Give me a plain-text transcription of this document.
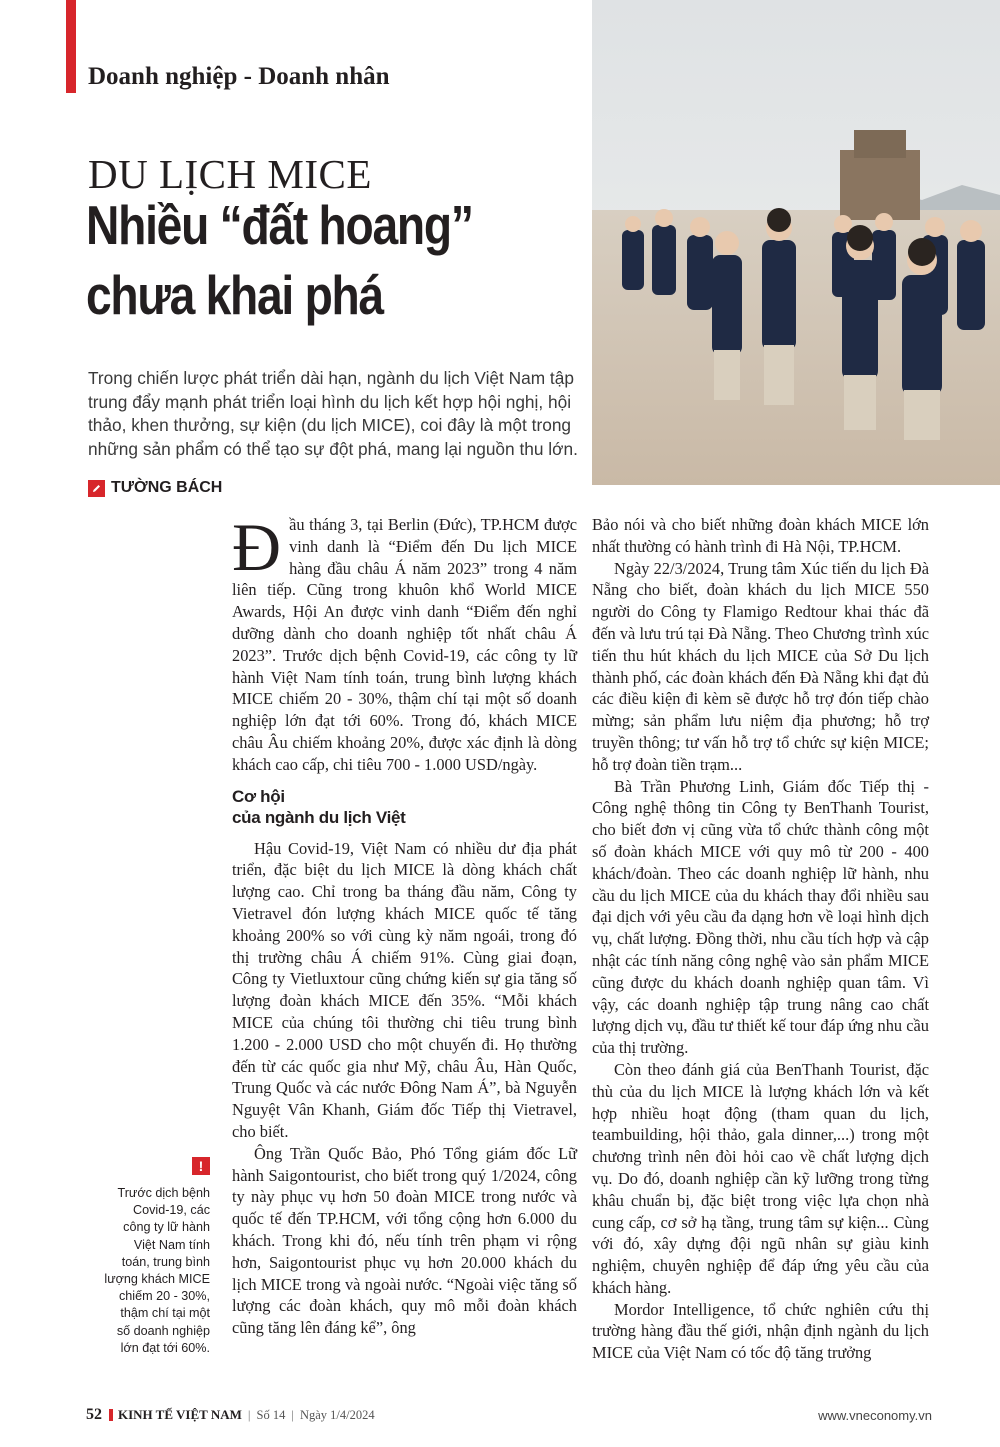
Doanh nghiệp - Doanh nhân
DU LỊCH MICE
Nhiều “đất hoang”
chưa khai phá
Trong chiến lược phát triển dài hạn, ngành du lịch Việt Nam tập trung đẩy mạnh phát triển loại hình du lịch kết hợp hội nghị, hội thảo, khen thưởng, sự kiện (du lịch MICE), coi đây là một trong những sản phẩm có thể tạo sự đột phá, mang lại nguồn thu lớn.
TƯỜNG BÁCH

Đầu tháng 3, tại Berlin (Đức), TP.HCM được vinh danh là “Điểm đến Du lịch MICE hàng đầu châu Á năm 2023” trong 4 năm liên tiếp. Cũng trong khuôn khổ World MICE Awards, Hội An được vinh danh “Điểm đến nghỉ dưỡng dành cho doanh nghiệp tốt nhất châu Á 2023”. Trước dịch bệnh Covid-19, các công ty lữ hành Việt Nam tính toán, trung bình lượng khách MICE chiếm 20 - 30%, thậm chí tại một số doanh nghiệp lớn đạt tới 60%. Trong đó, khách MICE châu Âu chiếm khoảng 20%, được xác định là dòng khách cao cấp, chi tiêu 700 - 1.000 USD/ngày.

Cơ hội
của ngành du lịch Việt

Hậu Covid-19, Việt Nam có nhiều dư địa phát triển, đặc biệt du lịch MICE là dòng khách chất lượng cao. Chỉ trong ba tháng đầu năm, Công ty Vietravel đón lượng khách MICE quốc tế tăng khoảng 200% so với cùng kỳ năm ngoái, trong đó thị trường châu Á chiếm 91%. Cùng giai đoạn, Công ty Vietluxtour cũng chứng kiến sự gia tăng số lượng đoàn khách MICE đến 35%. “Mỗi khách MICE của chúng tôi thường chi tiêu trung bình 1.200 - 2.000 USD cho một chuyến đi. Họ thường đến từ các quốc gia như Mỹ, châu Âu, Hàn Quốc, Trung Quốc và các nước Đông Nam Á”, bà Nguyễn Nguyệt Vân Khanh, Giám đốc Tiếp thị Vietravel, cho biết.

Ông Trần Quốc Bảo, Phó Tổng giám đốc Lữ hành Saigontourist, cho biết trong quý 1/2024, công ty này phục vụ hơn 50 đoàn MICE trong nước và quốc tế đến TP.HCM, với tổng cộng hơn 6.000 du khách. Trong khi đó, nếu tính trên phạm vi rộng hơn, Saigontourist phục vụ hơn 20.000 khách du lịch MICE trong và ngoài nước. “Ngoài việc tăng số lượng các đoàn khách, quy mô mỗi đoàn khách cũng tăng lên đáng kể”, ông

Bảo nói và cho biết những đoàn khách MICE lớn nhất thường có hành trình đi Hà Nội, TP.HCM.

Ngày 22/3/2024, Trung tâm Xúc tiến du lịch Đà Nẵng cho biết, đoàn khách du lịch MICE 550 người do Công ty Flamigo Redtour khai thác đã đến và lưu trú tại Đà Nẵng. Theo Chương trình xúc tiến thu hút khách du lịch MICE của Sở Du lịch thành phố, các đoàn khách đến Đà Nẵng khi đạt đủ các điều kiện đi kèm sẽ được hỗ trợ đón tiếp chào mừng; sản phẩm lưu niệm địa phương; hỗ trợ truyền thông; tư vấn hỗ trợ tổ chức sự kiện MICE; hỗ trợ đoàn tiền trạm...

Bà Trần Phương Linh, Giám đốc Tiếp thị - Công nghệ thông tin Công ty BenThanh Tourist, cho biết đơn vị cũng vừa tổ chức thành công một số đoàn khách MICE với quy mô từ 200 - 400 khách/đoàn. Theo các doanh nghiệp lữ hành, nhu cầu du lịch MICE của du khách thay đổi nhiều sau đại dịch với yêu cầu đa dạng hơn về loại hình dịch vụ, chất lượng. Đồng thời, nhu cầu tích hợp và cập nhật các tính năng công nghệ vào sản phẩm MICE cũng được du khách doanh nghiệp quan tâm. Vì vậy, các doanh nghiệp tập trung nâng cao chất lượng dịch vụ, đầu tư thiết kế tour đáp ứng nhu cầu của thị trường.

Còn theo đánh giá của BenThanh Tourist, đặc thù của du lịch MICE là lượng khách lớn và kết hợp nhiều hoạt động (tham quan du lịch, teambuilding, hội thảo, gala dinner,...) trong một chương trình nên đòi hỏi cao về chất lượng dịch vụ. Do đó, doanh nghiệp cần kỹ lưỡng trong từng khâu chuẩn bị, đặc biệt trong việc lựa chọn nhà cung cấp, cơ sở hạ tầng, trung tâm sự kiện... Cùng với đó, xây dựng đội ngũ nhân sự giàu kinh nghiệm, chuyên nghiệp để đáp ứng yêu cầu của khách hàng.

Mordor Intelligence, tổ chức nghiên cứu thị trường hàng đầu thế giới, nhận định ngành du lịch MICE của Việt Nam có tốc độ tăng trưởng

!
Trước dịch bệnh Covid-19, các công ty lữ hành Việt Nam tính toán, trung bình lượng khách MICE chiếm 20 - 30%, thậm chí tại một số doanh nghiệp lớn đạt tới 60%.
52 KINH TẾ VIỆT NAM | Số 14 | Ngày 1/4/2024	www.vneconomy.vn
